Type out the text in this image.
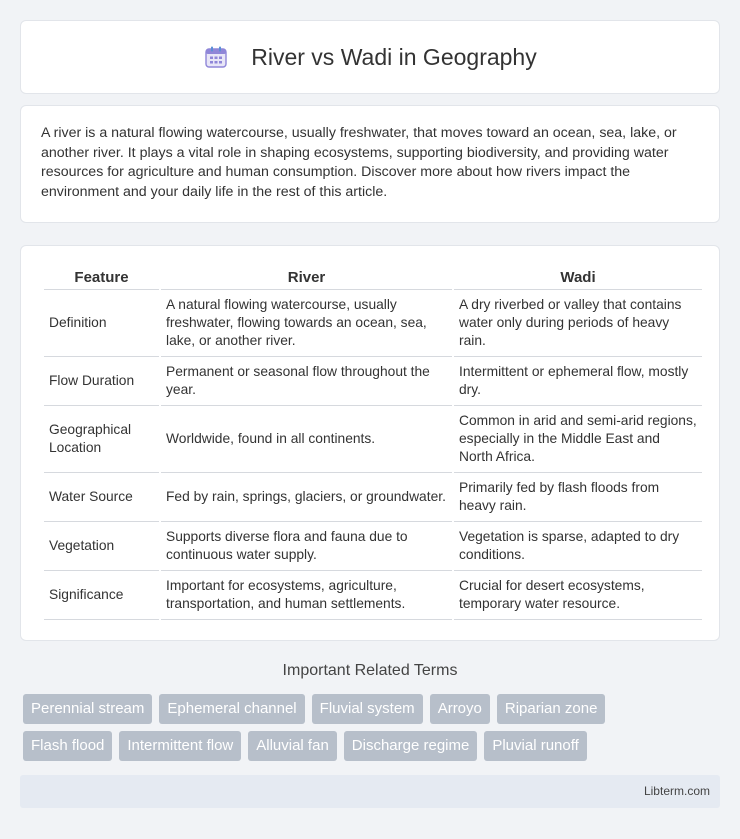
River vs Wadi in Geography

A river is a natural flowing watercourse, usually freshwater, that moves toward an ocean, sea, lake, or another river. It plays a vital role in shaping ecosystems, supporting biodiversity, and providing water resources for agriculture and human consumption. Discover more about how rivers impact the environment and your daily life in the rest of this article.

Feature	River	Wadi
Definition	A natural flowing watercourse, usually freshwater, flowing towards an ocean, sea, lake, or another river.	A dry riverbed or valley that contains water only during periods of heavy rain.
Flow Duration	Permanent or seasonal flow throughout the year.	Intermittent or ephemeral flow, mostly dry.
Geographical Location	Worldwide, found in all continents.	Common in arid and semi-arid regions, especially in the Middle East and North Africa.
Water Source	Fed by rain, springs, glaciers, or groundwater.	Primarily fed by flash floods from heavy rain.
Vegetation	Supports diverse flora and fauna due to continuous water supply.	Vegetation is sparse, adapted to dry conditions.
Significance	Important for ecosystems, agriculture, transportation, and human settlements.	Crucial for desert ecosystems, temporary water resource.
Important Related Terms
Perennial stream	Ephemeral channel	Fluvial system	Arroyo	Riparian zone
Flash flood	Intermittent flow	Alluvial fan	Discharge regime	Pluvial runoff
Libterm.com
